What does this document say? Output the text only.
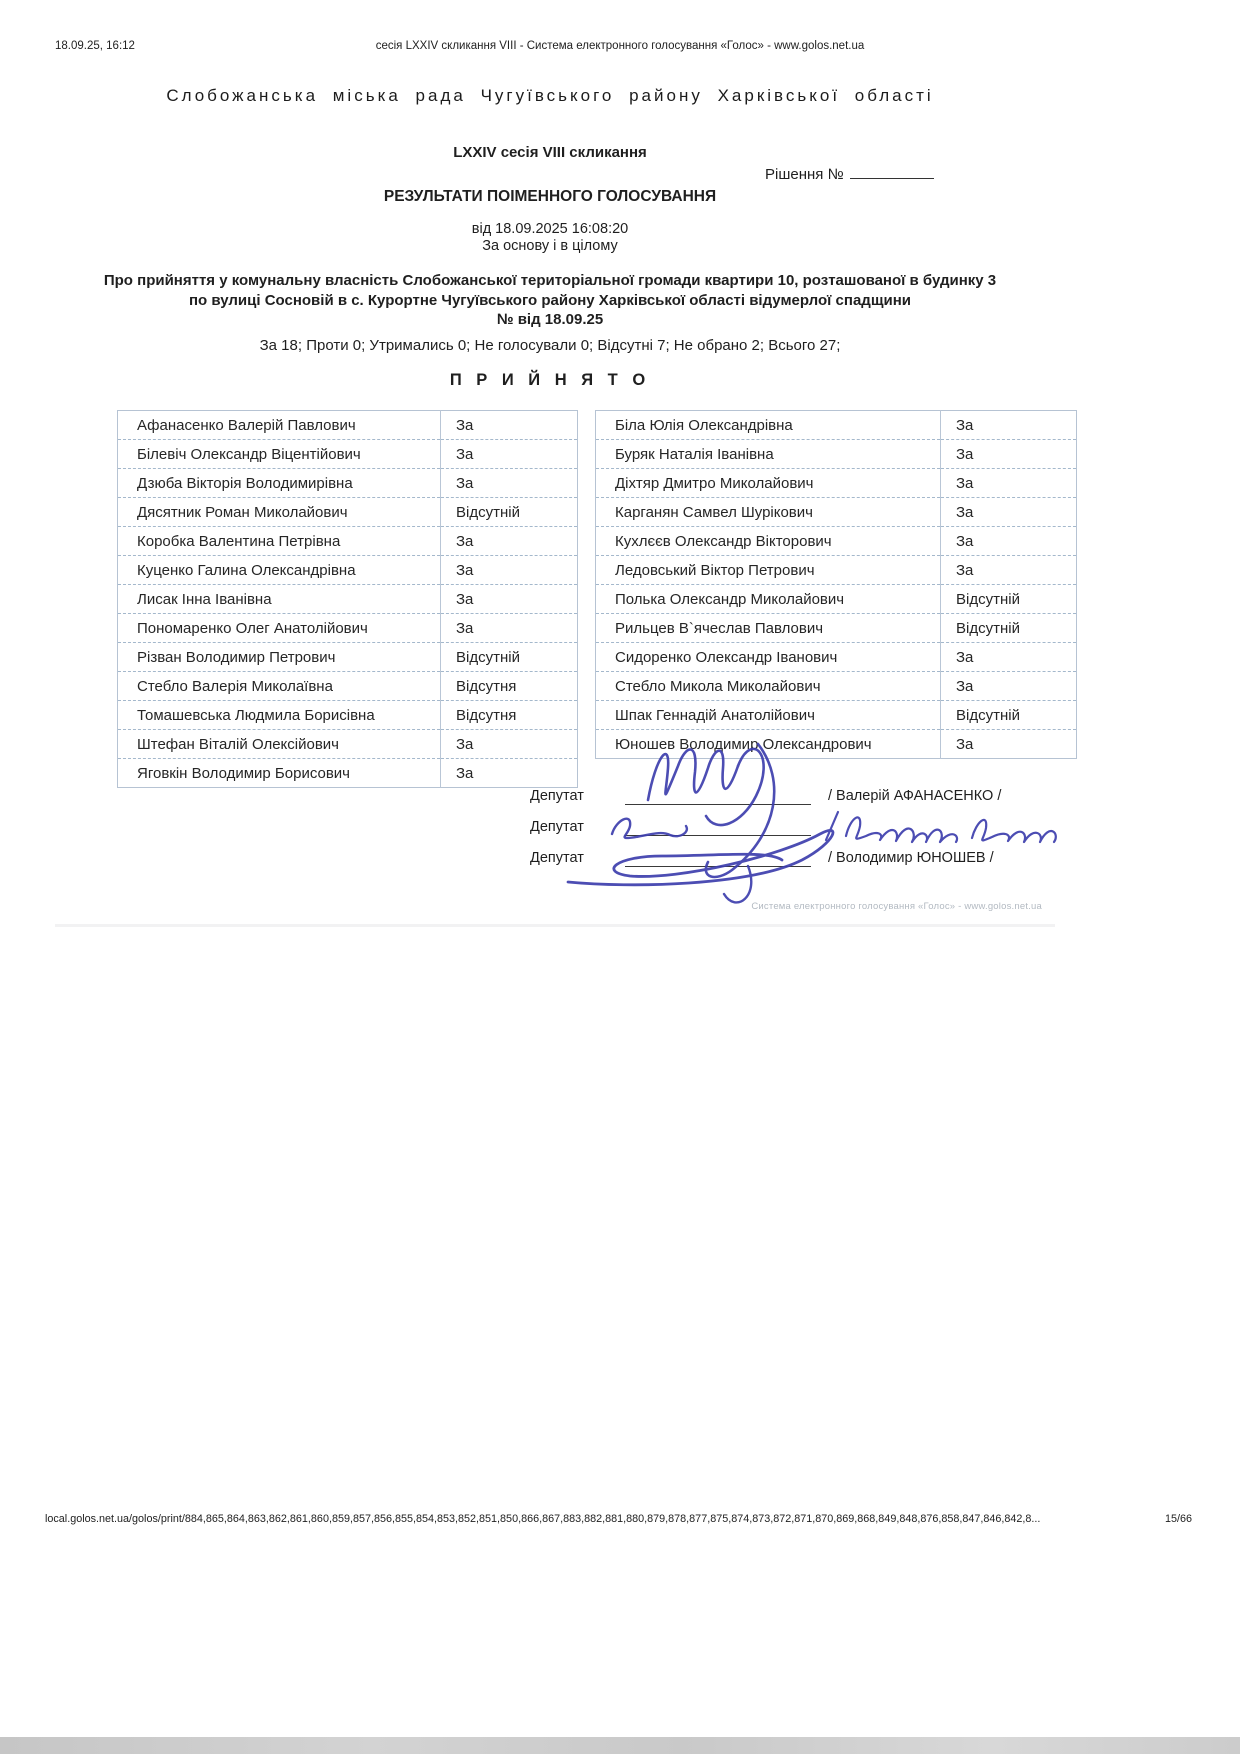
18.09.25, 16:12	сесія LXXIV скликання VIII - Система електронного голосування «Голос» - www.golos.net.ua
Слобожанська міська рада Чугуївського району Харківської області
LXXIV сесія VIII скликання
Рішення №
РЕЗУЛЬТАТИ ПОІМЕННОГО ГОЛОСУВАННЯ
від 18.09.2025 16:08:20
За основу і в цілому
Про прийняття у комунальну власність Слобожанської територіальної громади квартири 10, розташованої в будинку 3
по вулиці Сосновій в с. Курортне Чугуївського району Харківської області відумерлої спадщини
№ від 18.09.25
За 18; Проти 0; Утримались 0; Не голосували 0; Відсутні 7; Не обрано 2; Всього 27;
П Р И Й Н Я Т О
Афанасенко Валерій Павлович	За
Білевіч Олександр Віцентійович	За
Дзюба Вікторія Володимирівна	За
Дясятник Роман Миколайович	Відсутній
Коробка Валентина Петрівна	За
Куценко Галина Олександрівна	За
Лисак Інна Іванівна	За
Пономаренко Олег Анатолійович	За
Різван Володимир Петрович	Відсутній
Стебло Валерія Миколаївна	Відсутня
Томашевська Людмила Борисівна	Відсутня
Штефан Віталій Олексійович	За
Яговкін Володимир Борисович	За
Біла Юлія Олександрівна	За
Буряк Наталія Іванівна	За
Діхтяр Дмитро Миколайович	За
Карганян Самвел Шурікович	За
Кухлєєв Олександр Вікторович	За
Ледовський Віктор Петрович	За
Полька Олександр Миколайович	Відсутній
Рильцев В`ячеслав Павлович	Відсутній
Сидоренко Олександр Іванович	За
Стебло Микола Миколайович	За
Шпак Геннадій Анатолійович	Відсутній
Юношев Володимир Олександрович	За
Депутат	/ Валерій АФАНАСЕНКО /
Депутат
Депутат	/ Володимир ЮНОШЕВ /
Система електронного голосування «Голос» - www.golos.net.ua
local.golos.net.ua/golos/print/884,865,864,863,862,861,860,859,857,856,855,854,853,852,851,850,866,867,883,882,881,880,879,878,877,875,874,873,872,871,870,869,868,849,848,876,858,847,846,842,8...	15/66
